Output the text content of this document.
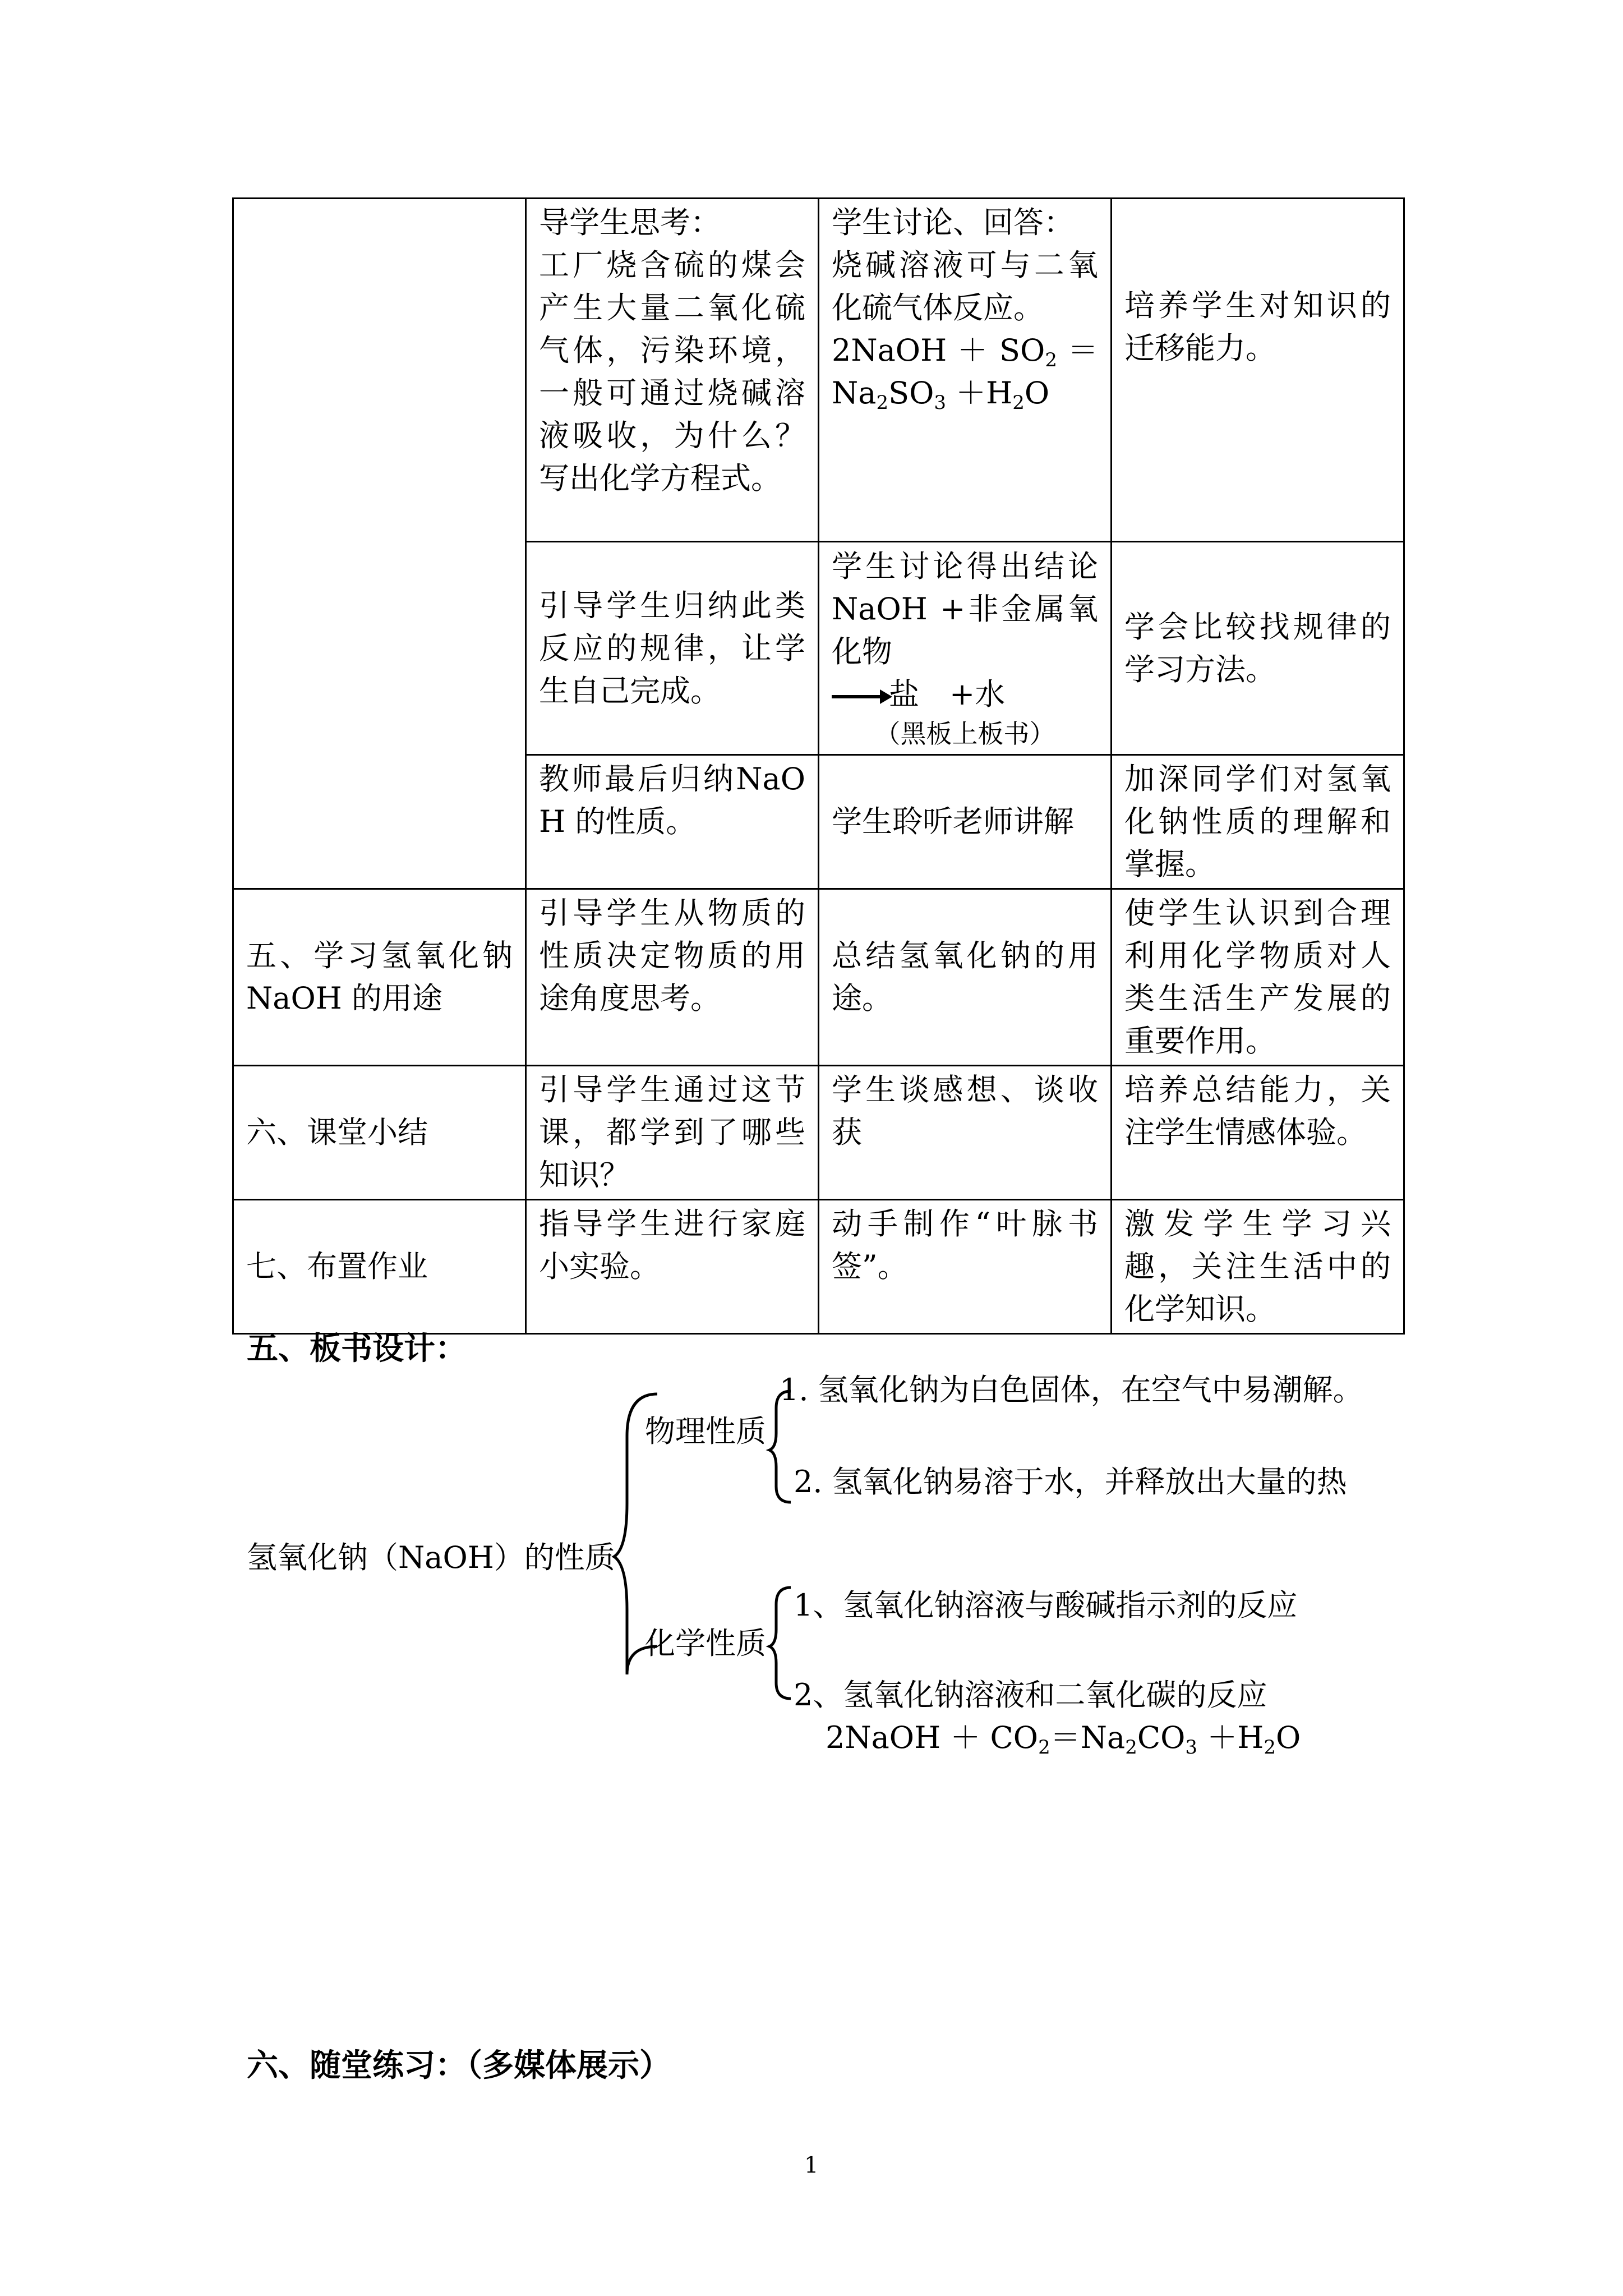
	导学生思考：
工厂烧含硫的煤会产生大量二氧化硫气体，污染环境，一般可通过烧碱溶液吸收，为什么？写出化学方程式。	学生讨论、回答：
烧碱溶液可与二氧化硫气体反应。
2NaOH ＋ $SO_2 = Na_2SO_3 +H_2O$	培养学生对知识的迁移能力。
	引导学生归纳此类反应的规律，让学生自己完成。	学生讨论得出结论 NaOH +非金属氧化物
盐　+水
（黑板上板书）	学会比较找规律的学习方法。
	教师最后归纳NaOH 的性质。	学生聆听老师讲解	加深同学们对氢氧化钠性质的理解和掌握。
五、学习氢氧化钠NaOH 的用途	引导学生从物质的性质决定物质的用途角度思考。	总结氢氧化钠的用途。	使学生认识到合理利用化学物质对人类生活生产发展的重要作用。
六、课堂小结	引导学生通过这节课，都学到了哪些知识？	学生谈感想、谈收获	培养总结能力，关注学生情感体验。
七、布置作业	指导学生进行家庭小实验。	动手制作“叶脉书签”。	激发学生学习兴趣，关注生活中的化学知识。
五、板书设计：
氢氧化钠（NaOH）的性质
物理性质
1. 氢氧化钠为白色固体，在空气中易潮解。
2. 氢氧化钠易溶于水，并释放出大量的热
化学性质
1、氢氧化钠溶液与酸碱指示剂的反应
2、氢氧化钠溶液和二氧化碳的反应
2NaOH ＋ $CO_2=Na_2CO_3 +H_2O$
六、随堂练习：（多媒体展示）
1
